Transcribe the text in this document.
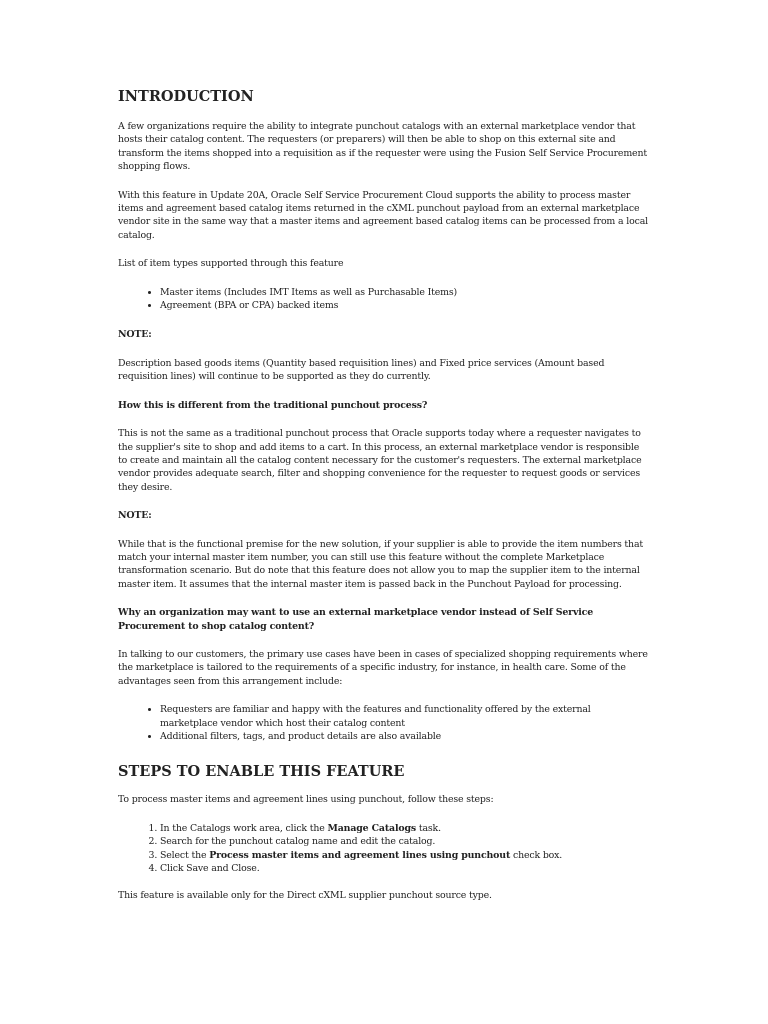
INTRODUCTION

A few organizations require the ability to integrate punchout catalogs with an external marketplace vendor that hosts their catalog content. The requesters (or preparers) will then be able to shop on this external site and transform the items shopped into a requisition as if the requester were using the Fusion Self Service Procurement shopping flows.

With this feature in Update 20A, Oracle Self Service Procurement Cloud supports the ability to process master items and agreement based catalog items returned in the cXML punchout payload from an external marketplace vendor site in the same way that a master items and agreement based catalog items can be processed from a local catalog.

List of item types supported through this feature

• Master items (Includes IMT Items as well as Purchasable Items)
• Agreement (BPA or CPA) backed items

NOTE:

Description based goods items (Quantity based requisition lines) and Fixed price services (Amount based requisition lines) will continue to be supported as they do currently.

How this is different from the traditional punchout process?

This is not the same as a traditional punchout process that Oracle supports today where a requester navigates to the supplier's site to shop and add items to a cart. In this process, an external marketplace vendor is responsible to create and maintain all the catalog content necessary for the customer's requesters. The external marketplace vendor provides adequate search, filter and shopping convenience for the requester to request goods or services they desire.

NOTE:

While that is the functional premise for the new solution, if your supplier is able to provide the item numbers that match your internal master item number, you can still use this feature without the complete Marketplace transformation scenario. But do note that this feature does not allow you to map the supplier item to the internal master item. It assumes that the internal master item is passed back in the Punchout Payload for processing.

Why an organization may want to use an external marketplace vendor instead of Self Service Procurement to shop catalog content?

In talking to our customers, the primary use cases have been in cases of specialized shopping requirements where the marketplace is tailored to the requirements of a specific industry, for instance, in health care. Some of the advantages seen from this arrangement include:

• Requesters are familiar and happy with the features and functionality offered by the external marketplace vendor which host their catalog content
• Additional filters, tags, and product details are also available
STEPS TO ENABLE THIS FEATURE

To process master items and agreement lines using punchout, follow these steps:

1. In the Catalogs work area, click the Manage Catalogs task.
2. Search for the punchout catalog name and edit the catalog.
3. Select the Process master items and agreement lines using punchout check box.
4. Click Save and Close.

This feature is available only for the Direct cXML supplier punchout source type.
